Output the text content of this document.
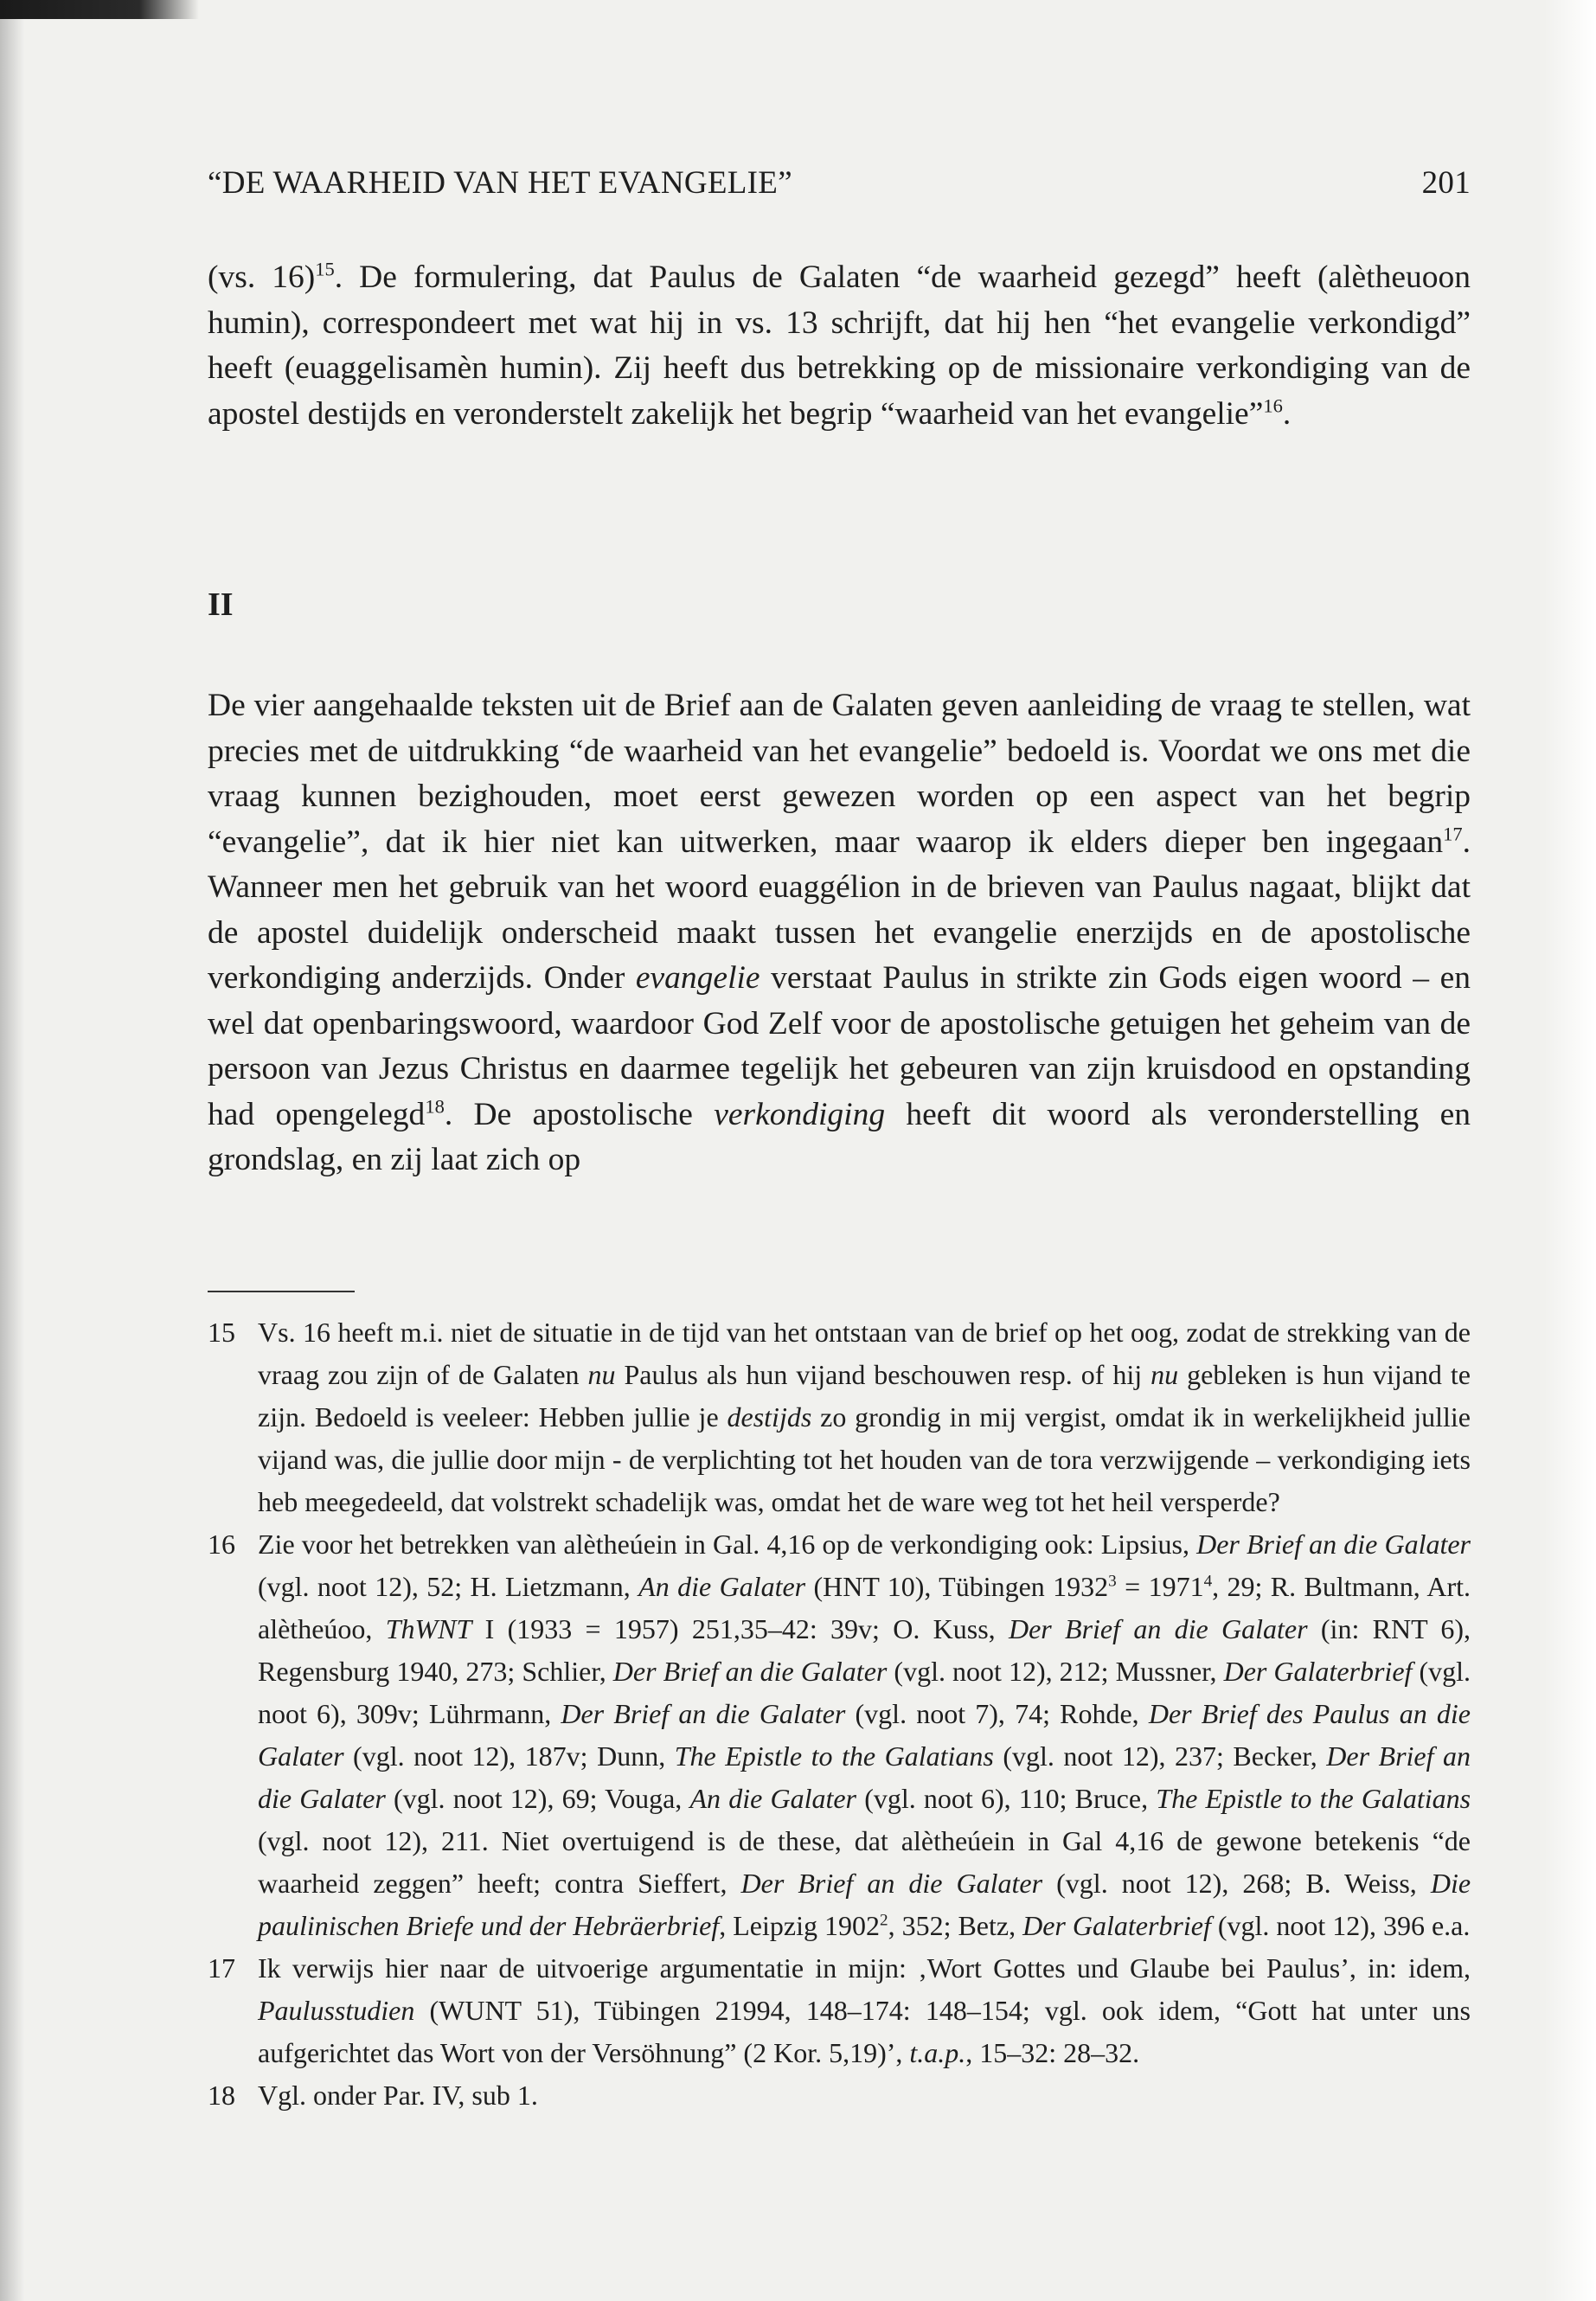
“DE WAARHEID VAN HET EVANGELIE”	201

(vs. 16)$^{15}$. De formulering, dat Paulus de Galaten “de waarheid gezegd” heeft (alètheuoon humin), correspondeert met wat hij in vs. 13 schrijft, dat hij hen “het evangelie verkondigd” heeft (euaggelisamèn humin). Zij heeft dus betrekking op de missionaire verkondiging van de apostel destijds en veronderstelt zakelijk het begrip “waarheid van het evangelie”$^{16}$.

II

De vier aangehaalde teksten uit de Brief aan de Galaten geven aanleiding de vraag te stellen, wat precies met de uitdrukking “de waarheid van het evangelie” bedoeld is. Voordat we ons met die vraag kunnen bezighouden, moet eerst gewezen worden op een aspect van het begrip “evangelie”, dat ik hier niet kan uitwerken, maar waarop ik elders dieper ben ingegaan$^{17}$. Wanneer men het gebruik van het woord euaggélion in de brieven van Paulus nagaat, blijkt dat de apostel duidelijk onderscheid maakt tussen het evangelie enerzijds en de apostolische verkondiging anderzijds. Onder evangelie verstaat Paulus in strikte zin Gods eigen woord – en wel dat openbaringswoord, waardoor God Zelf voor de apostolische getuigen het geheim van de persoon van Jezus Christus en daarmee tegelijk het gebeuren van zijn kruisdood en opstanding had opengelegd$^{18}$. De apostolische verkondiging heeft dit woord als veronderstelling en grondslag, en zij laat zich op

15 Vs. 16 heeft m.i. niet de situatie in de tijd van het ontstaan van de brief op het oog, zodat de strekking van de vraag zou zijn of de Galaten nu Paulus als hun vijand beschouwen resp. of hij nu gebleken is hun vijand te zijn. Bedoeld is veeleer: Hebben jullie je destijds zo grondig in mij vergist, omdat ik in werkelijkheid jullie vijand was, die jullie door mijn - de verplichting tot het houden van de tora verzwijgende – verkondiging iets heb meegedeeld, dat volstrekt schadelijk was, omdat het de ware weg tot het heil versperde?
16 Zie voor het betrekken van alètheúein in Gal. 4,16 op de verkondiging ook: Lipsius, Der Brief an die Galater (vgl. noot 12), 52; H. Lietzmann, An die Galater (HNT 10), Tübingen $1932^3 = 1971^4$, 29; R. Bultmann, Art. alètheúoo, ThWNT I (1933 = 1957) 251,35–42: 39v; O. Kuss, Der Brief an die Galater (in: RNT 6), Regensburg 1940, 273; Schlier, Der Brief an die Galater (vgl. noot 12), 212; Mussner, Der Galaterbrief (vgl. noot 6), 309v; Lührmann, Der Brief an die Galater (vgl. noot 7), 74; Rohde, Der Brief des Paulus an die Galater (vgl. noot 12), 187v; Dunn, The Epistle to the Galatians (vgl. noot 12), 237; Becker, Der Brief an die Galater (vgl. noot 12), 69; Vouga, An die Galater (vgl. noot 6), 110; Bruce, The Epistle to the Galatians (vgl. noot 12), 211. Niet overtuigend is de these, dat alètheúein in Gal 4,16 de gewone betekenis “de waarheid zeggen” heeft; contra Sieffert, Der Brief an die Galater (vgl. noot 12), 268; B. Weiss, Die paulinischen Briefe und der Hebräerbrief, Leipzig 1902$^2$, 352; Betz, Der Galaterbrief (vgl. noot 12), 396 e.a.
17 Ik verwijs hier naar de uitvoerige argumentatie in mijn: ‚Wort Gottes und Glaube bei Paulus’, in: idem, Paulusstudien (WUNT 51), Tübingen 21994, 148–174: 148–154; vgl. ook idem, “Gott hat unter uns aufgerichtet das Wort von der Versöhnung” (2 Kor. 5,19)’, t.a.p., 15–32: 28–32.
18 Vgl. onder Par. IV, sub 1.
